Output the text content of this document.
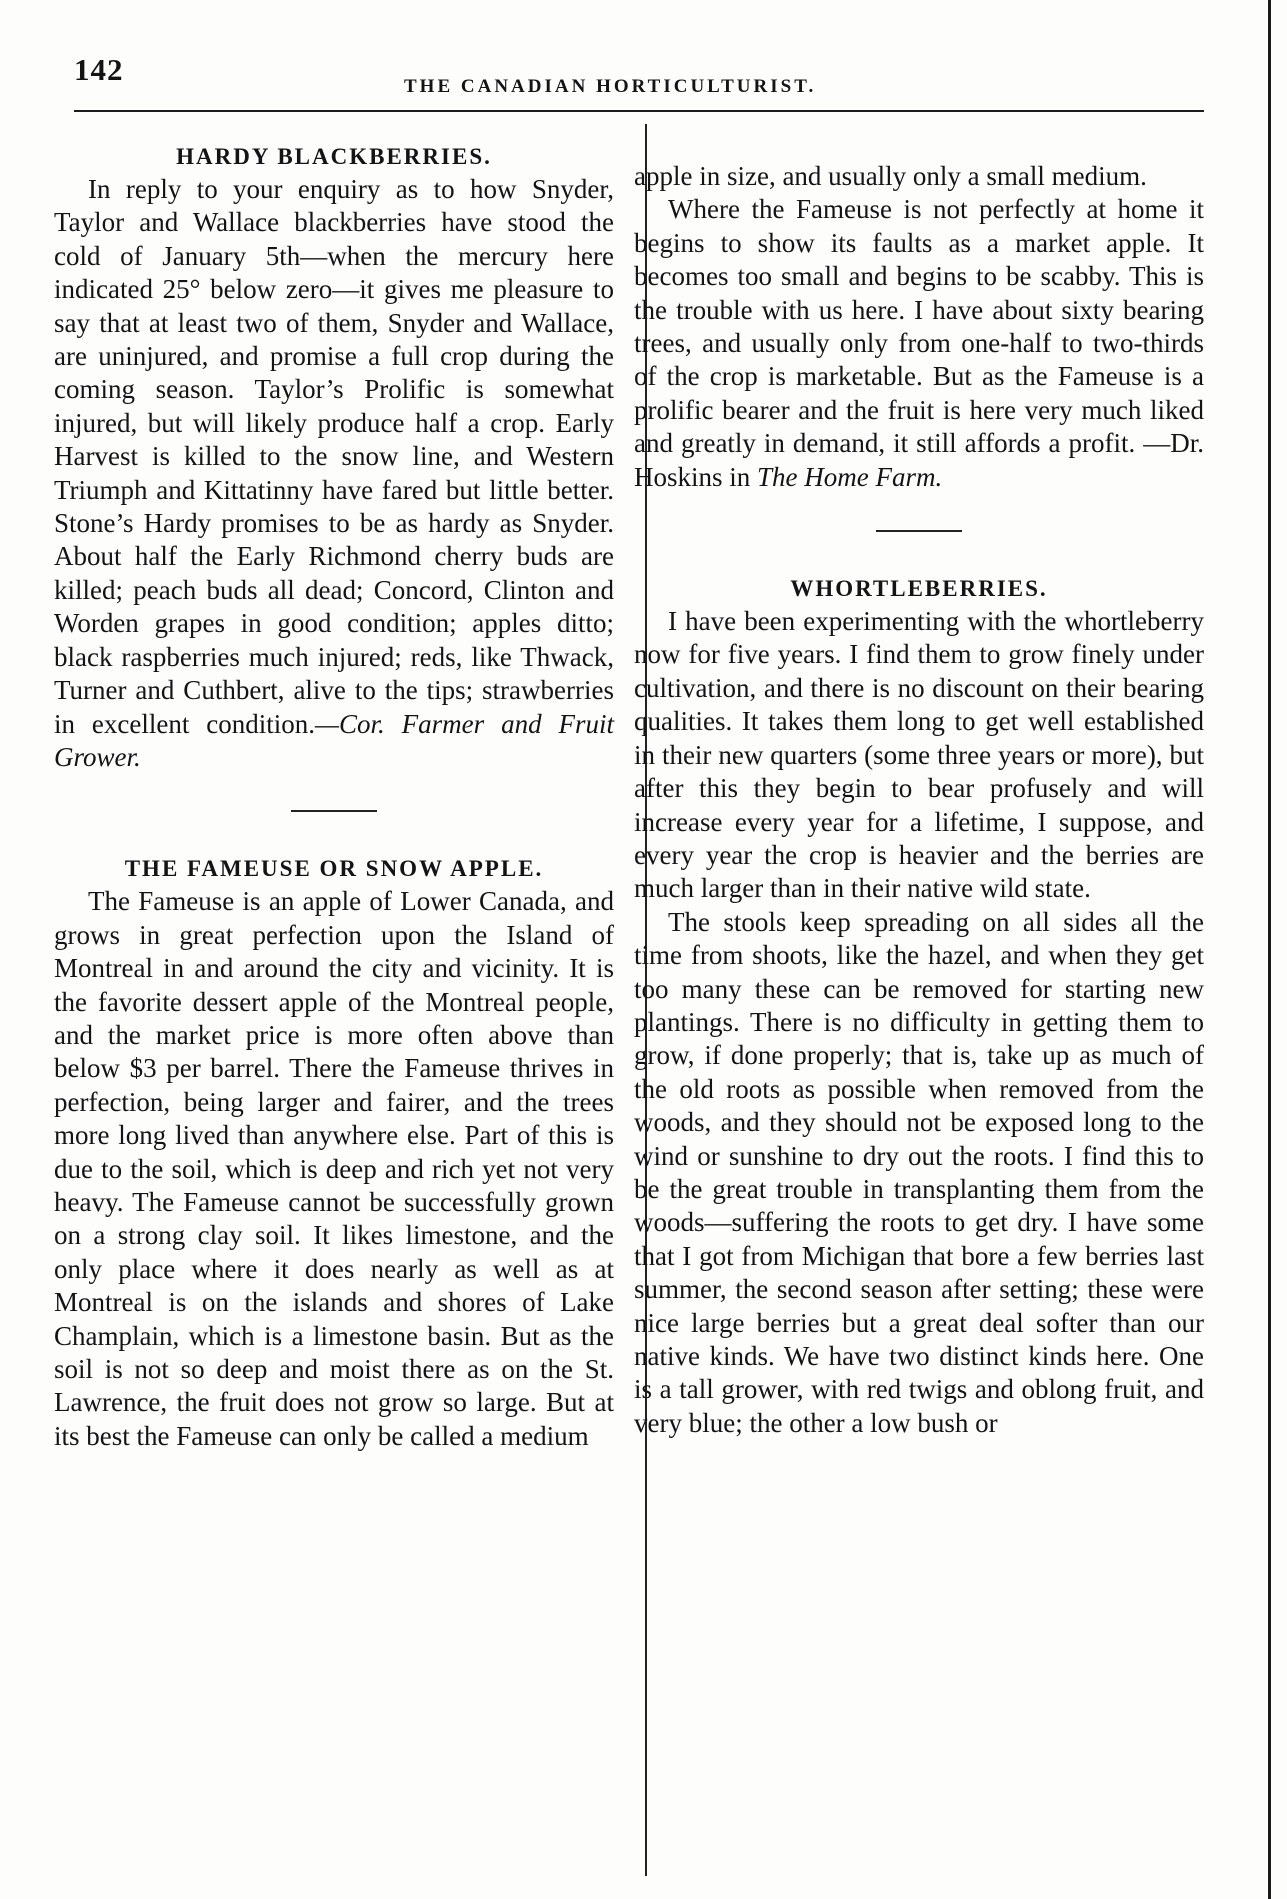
142	THE CANADIAN HORTICULTURIST.
HARDY BLACKBERRIES.

In reply to your enquiry as to how Snyder, Taylor and Wallace blackberries have stood the cold of January 5th—when the mercury here indicated 25° below zero—it gives me pleasure to say that at least two of them, Snyder and Wallace, are uninjured, and promise a full crop during the coming season. Taylor’s Prolific is somewhat injured, but will likely produce half a crop. Early Harvest is killed to the snow line, and Western Triumph and Kittatinny have fared but little better. Stone’s Hardy promises to be as hardy as Snyder. About half the Early Richmond cherry buds are killed; peach buds all dead; Concord, Clinton and Worden grapes in good condition; apples ditto; black raspberries much injured; reds, like Thwack, Turner and Cuthbert, alive to the tips; strawberries in excellent condition.—Cor. Farmer and Fruit Grower.

THE FAMEUSE OR SNOW APPLE.

The Fameuse is an apple of Lower Canada, and grows in great perfection upon the Island of Montreal in and around the city and vicinity. It is the favorite dessert apple of the Montreal people, and the market price is more often above than below $3 per barrel. There the Fameuse thrives in perfection, being larger and fairer, and the trees more long lived than anywhere else. Part of this is due to the soil, which is deep and rich yet not very heavy. The Fameuse cannot be successfully grown on a strong clay soil. It likes limestone, and the only place where it does nearly as well as at Montreal is on the islands and shores of Lake Champlain, which is a limestone basin. But as the soil is not so deep and moist there as on the St. Lawrence, the fruit does not grow so large. But at its best the Fameuse can only be called a medium

apple in size, and usually only a small medium.

Where the Fameuse is not perfectly at home it begins to show its faults as a market apple. It becomes too small and begins to be scabby. This is the trouble with us here. I have about sixty bearing trees, and usually only from one-half to two-thirds of the crop is marketable. But as the Fameuse is a prolific bearer and the fruit is here very much liked and greatly in demand, it still affords a profit. —Dr. Hoskins in The Home Farm.

WHORTLEBERRIES.

I have been experimenting with the whortleberry now for five years. I find them to grow finely under cultivation, and there is no discount on their bearing qualities. It takes them long to get well established in their new quarters (some three years or more), but after this they begin to bear profusely and will increase every year for a lifetime, I suppose, and every year the crop is heavier and the berries are much larger than in their native wild state.

The stools keep spreading on all sides all the time from shoots, like the hazel, and when they get too many these can be removed for starting new plantings. There is no difficulty in getting them to grow, if done properly; that is, take up as much of the old roots as possible when removed from the woods, and they should not be exposed long to the wind or sunshine to dry out the roots. I find this to be the great trouble in transplanting them from the woods—suffering the roots to get dry. I have some that I got from Michigan that bore a few berries last summer, the second season after setting; these were nice large berries but a great deal softer than our native kinds. We have two distinct kinds here. One is a tall grower, with red twigs and oblong fruit, and very blue; the other a low bush or
